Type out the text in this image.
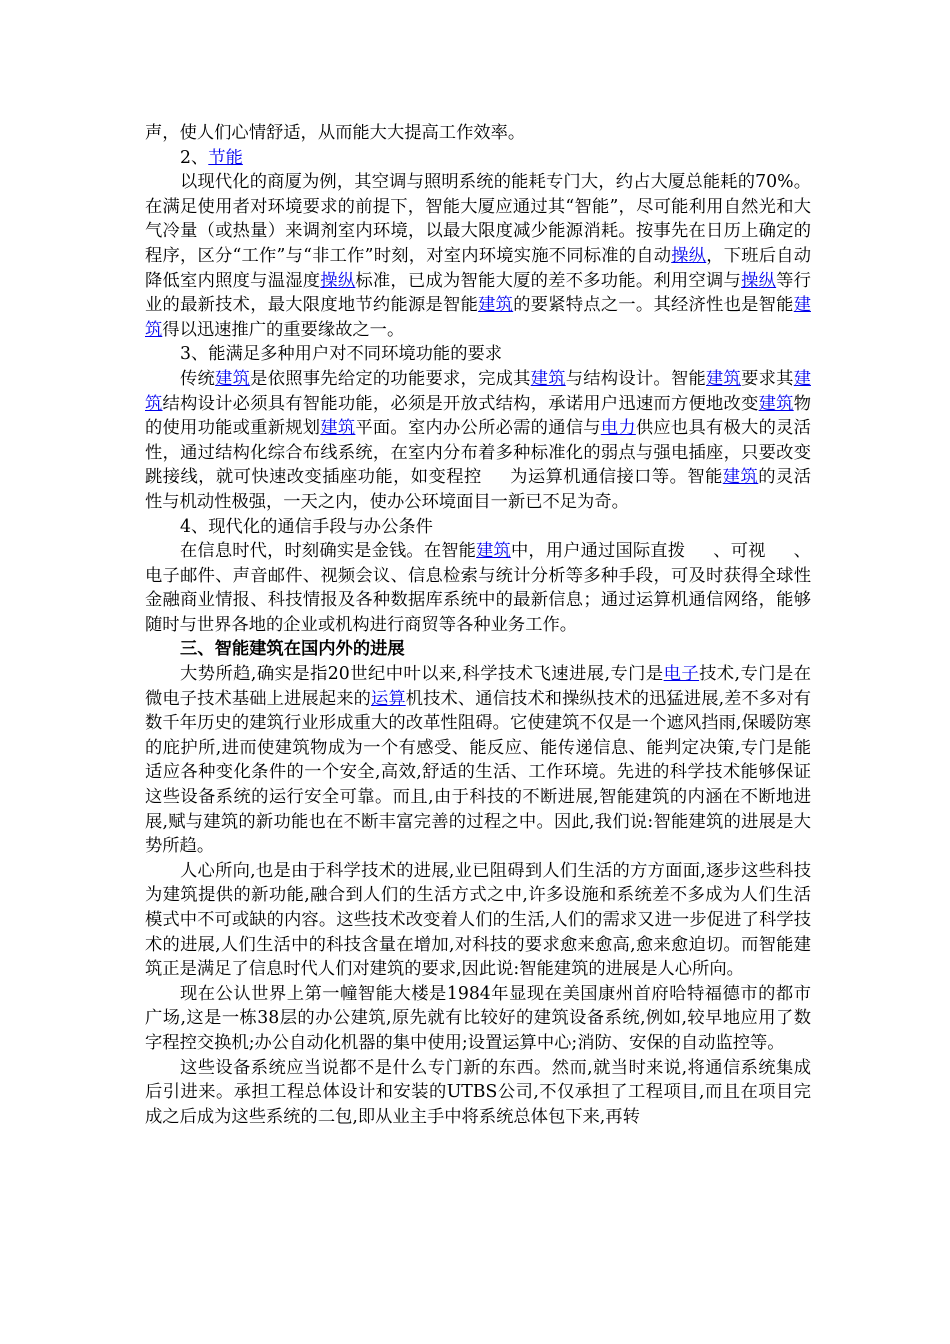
声，使人们心情舒适，从而能大大提高工作效率。

2、节能

以现代化的商厦为例，其空调与照明系统的能耗专门大，约占大厦总能耗的70%。在满足使用者对环境要求的前提下，智能大厦应通过其“智能”，尽可能利用自然光和大气冷量（或热量）来调剂室内环境，以最大限度减少能源消耗。按事先在日历上确定的程序，区分“工作”与“非工作”时刻，对室内环境实施不同标准的自动操纵，下班后自动降低室内照度与温湿度操纵标准，已成为智能大厦的差不多功能。利用空调与操纵等行业的最新技术，最大限度地节约能源是智能建筑的要紧特点之一。其经济性也是智能建筑得以迅速推广的重要缘故之一。

3、能满足多种用户对不同环境功能的要求

传统建筑是依照事先给定的功能要求，完成其建筑与结构设计。智能建筑要求其建筑结构设计必须具有智能功能，必须是开放式结构，承诺用户迅速而方便地改变建筑物的使用功能或重新规划建筑平面。室内办公所必需的通信与电力供应也具有极大的灵活性，通过结构化综合布线系统，在室内分布着多种标准化的弱点与强电插座，只要改变跳接线，就可快速改变插座功能，如变程控 为运算机通信接口等。智能建筑的灵活性与机动性极强，一天之内，使办公环境面目一新已不足为奇。

4、现代化的通信手段与办公条件

在信息时代，时刻确实是金钱。在智能建筑中，用户通过国际直拨 、可视 、电子邮件、声音邮件、视频会议、信息检索与统计分析等多种手段，可及时获得全球性金融商业情报、科技情报及各种数据库系统中的最新信息；通过运算机通信网络，能够随时与世界各地的企业或机构进行商贸等各种业务工作。

三、智能建筑在国内外的进展

大势所趋,确实是指20世纪中叶以来,科学技术飞速进展,专门是电子技术,专门是在微电子技术基础上进展起来的运算机技术、通信技术和操纵技术的迅猛进展,差不多对有数千年历史的建筑行业形成重大的改革性阻碍。它使建筑不仅是一个遮风挡雨,保暖防寒的庇护所,进而使建筑物成为一个有感受、能反应、能传递信息、能判定决策,专门是能适应各种变化条件的一个安全,高效,舒适的生活、工作环境。先进的科学技术能够保证这些设备系统的运行安全可靠。而且,由于科技的不断进展,智能建筑的内涵在不断地进展,赋与建筑的新功能也在不断丰富完善的过程之中。因此,我们说:智能建筑的进展是大势所趋。

人心所向,也是由于科学技术的进展,业已阻碍到人们生活的方方面面,逐步这些科技为建筑提供的新功能,融合到人们的生活方式之中,许多设施和系统差不多成为人们生活模式中不可或缺的内容。这些技术改变着人们的生活,人们的需求又进一步促进了科学技术的进展,人们生活中的科技含量在增加,对科技的要求愈来愈高,愈来愈迫切。而智能建筑正是满足了信息时代人们对建筑的要求,因此说:智能建筑的进展是人心所向。

现在公认世界上第一幢智能大楼是1984年显现在美国康州首府哈特福德市的都市广场,这是一栋38层的办公建筑,原先就有比较好的建筑设备系统,例如,较早地应用了数字程控交换机;办公自动化机器的集中使用;设置运算中心;消防、安保的自动监控等。

这些设备系统应当说都不是什么专门新的东西。然而,就当时来说,将通信系统集成后引进来。承担工程总体设计和安装的UTBS公司,不仅承担了工程项目,而且在项目完成之后成为这些系统的二包,即从业主手中将系统总体包下来,再转
